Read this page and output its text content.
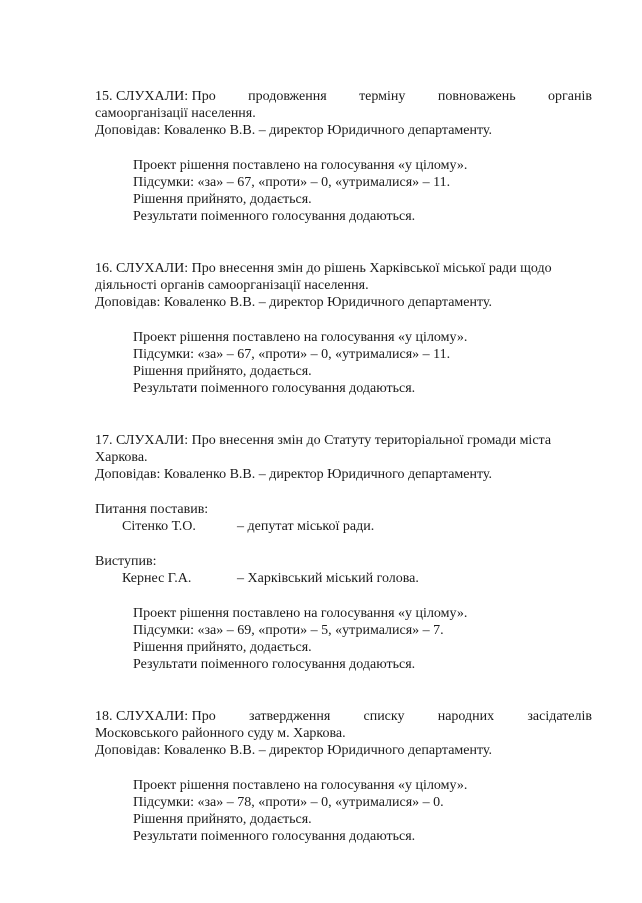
15. СЛУХАЛИ: Про продовження терміну повноважень органів
самоорганізації населення.
Доповідав: Коваленко В.В. – директор Юридичного департаменту.
Проект рішення поставлено на голосування «у цілому».
Підсумки: «за» – 67, «проти» – 0, «утрималися» – 11.
Рішення прийнято, додається.
Результати поіменного голосування додаються.
16. СЛУХАЛИ: Про внесення змін до рішень Харківської міської ради щодо
діяльності органів самоорганізації населення.
Доповідав: Коваленко В.В. – директор Юридичного департаменту.
Проект рішення поставлено на голосування «у цілому».
Підсумки: «за» – 67, «проти» – 0, «утрималися» – 11.
Рішення прийнято, додається.
Результати поіменного голосування додаються.
17. СЛУХАЛИ: Про внесення змін до Статуту територіальної громади міста
Харкова.
Доповідав: Коваленко В.В. – директор Юридичного департаменту.
Питання поставив:
Сітенко Т.О.	– депутат міської ради.
Виступив:
Кернес Г.А.	– Харківський міський голова.
Проект рішення поставлено на голосування «у цілому».
Підсумки: «за» – 69, «проти» – 5, «утрималися» – 7.
Рішення прийнято, додається.
Результати поіменного голосування додаються.
18. СЛУХАЛИ: Про затвердження списку народних засідателів
Московського районного суду м. Харкова.
Доповідав: Коваленко В.В. – директор Юридичного департаменту.
Проект рішення поставлено на голосування «у цілому».
Підсумки: «за» – 78, «проти» – 0, «утрималися» – 0.
Рішення прийнято, додається.
Результати поіменного голосування додаються.
